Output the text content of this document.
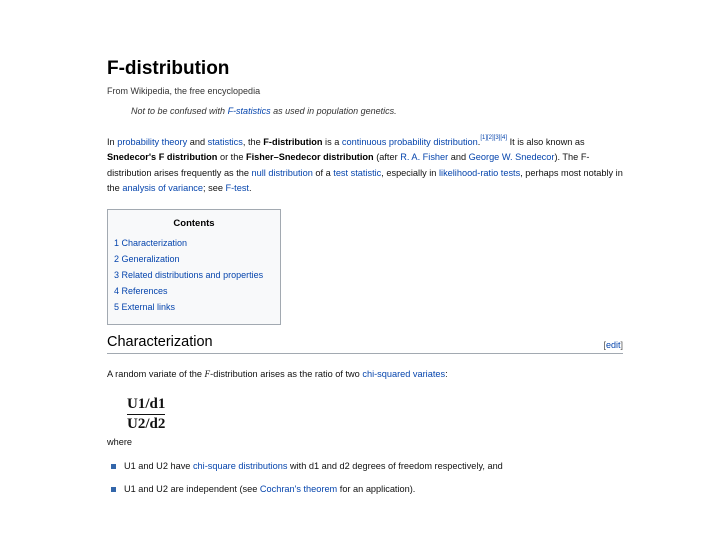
F-distribution
From Wikipedia, the free encyclopedia
Not to be confused with F-statistics as used in population genetics.

In probability theory and statistics, the F-distribution is a continuous probability distribution.[1][2][3][4] It is also known as Snedecor's F distribution or the Fisher–Snedecor distribution (after R. A. Fisher and George W. Snedecor). The F-distribution arises frequently as the null distribution of a test statistic, especially in likelihood-ratio tests, perhaps most notably in the analysis of variance; see F-test.

Contents
1 Characterization
2 Generalization
3 Related distributions and properties
4 References
5 External links
Characterization	[edit]

A random variate of the F-distribution arises as the ratio of two chi-squared variates:

$\frac{U1/d1}{U2/d2}$
where
U1 and U2 have chi-square distributions with d1 and d2 degrees of freedom respectively, and
U1 and U2 are independent (see Cochran's theorem for an application).
